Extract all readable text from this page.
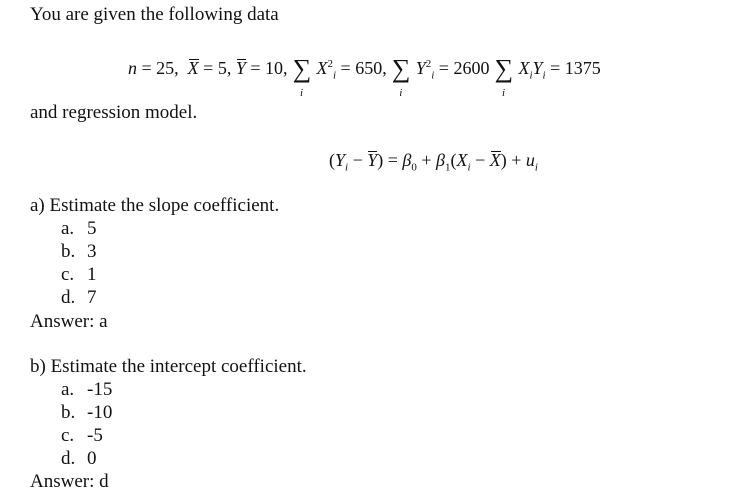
You are given the following data
n = 25,  X = 5, Y = 10, ∑
i
$X^2_i = 650$, ∑
i
$Y^2_i = 2600$ ∑
i
$X_iY_i = 1375$
and regression model.
$(Y_i - Y) = \beta_0 + \beta_1(X_i - X) + u_i$
a) Estimate the slope coefficient.
a. 5
b. 3
c. 1
d. 7
Answer: a
b) Estimate the intercept coefficient.
a. -15
b. -10
c. -5
d. 0
Answer: d
